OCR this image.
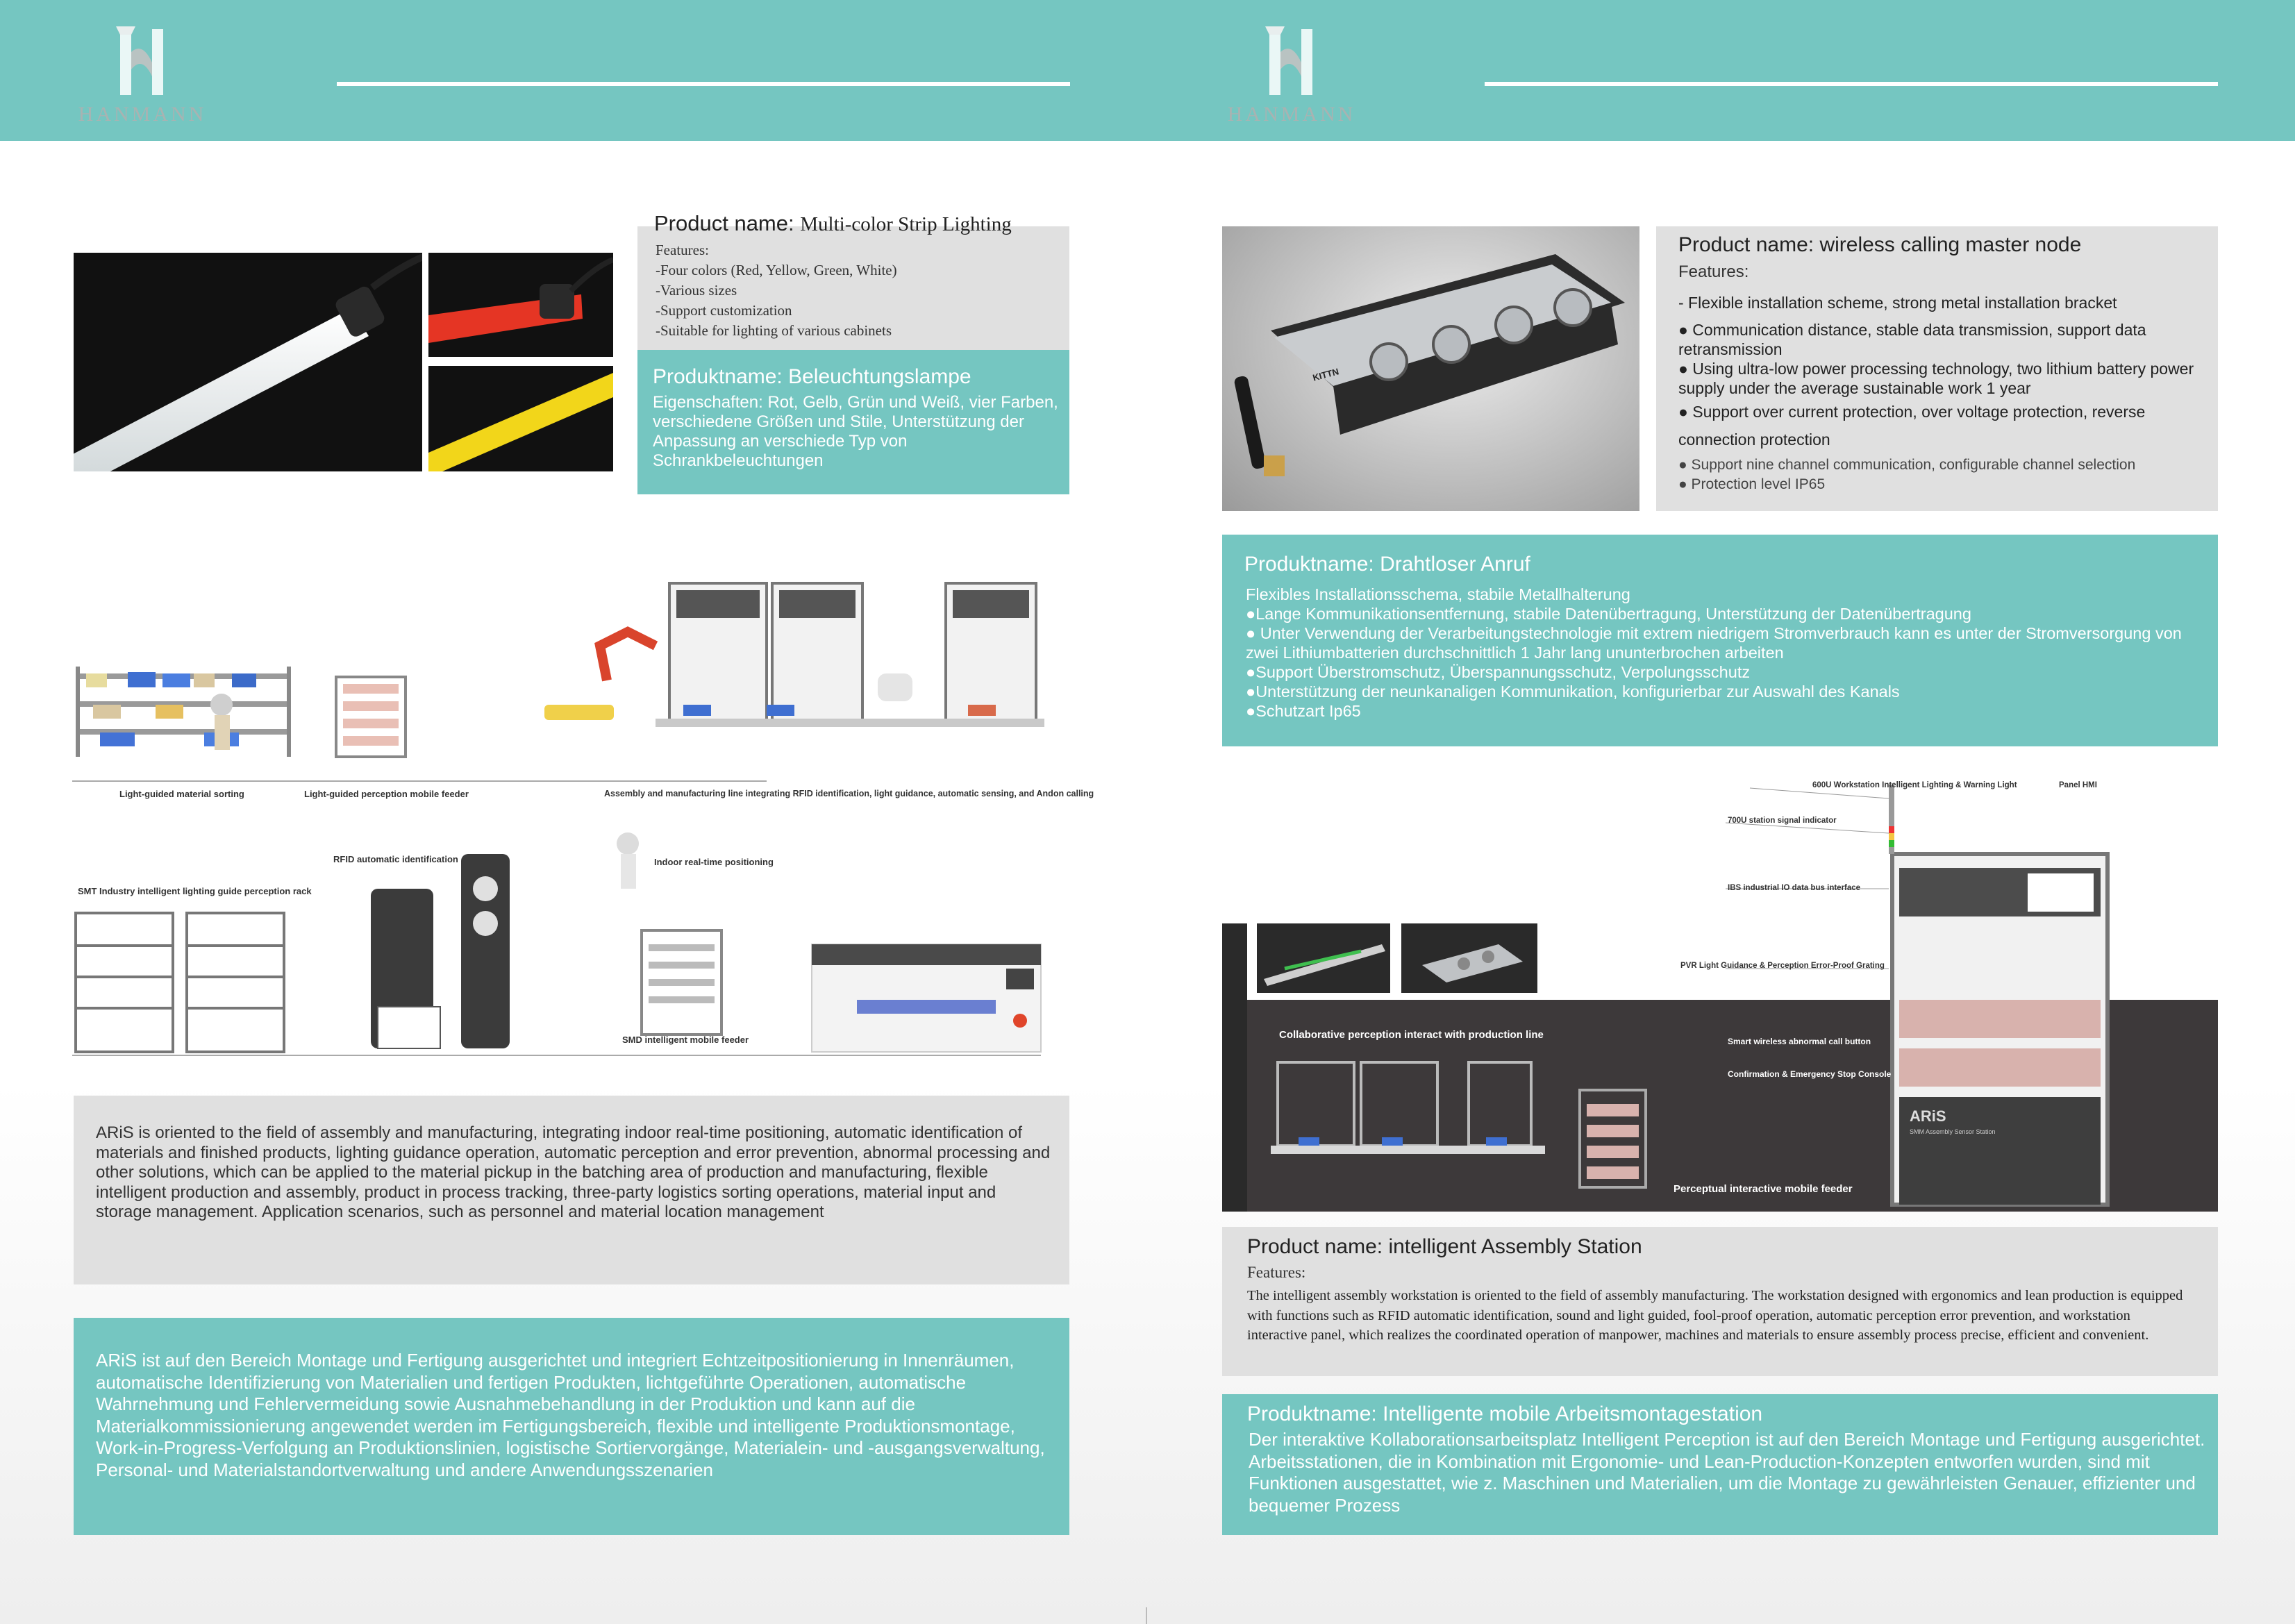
HANMANN	HANMANN
Product name: Multi-color Strip Lighting
Features:
-Four colors (Red, Yellow, Green, White)
-Various sizes
-Support customization
-Suitable for lighting of various cabinets
Produktname: Beleuchtungslampe
Eigenschaften: Rot, Gelb, Grün und Weiß, vier Farben, verschiedene Größen und Stile, Unterstützung der Anpassung an verschiede Typ von Schrankbeleuchtungen
Light-guided material sorting	Light-guided perception mobile feeder	Assembly and manufacturing line integrating RFID identification, light guidance, automatic sensing, and Andon calling
RFID automatic identification	Indoor real-time positioning
SMT Industry intelligent lighting guide perception rack
SMD intelligent mobile feeder
ARiS is oriented to the field of assembly and manufacturing, integrating indoor real-time positioning, automatic identification of materials and finished products, lighting guidance operation, automatic perception and error prevention, abnormal processing and other solutions, which can be applied to the material pickup in the batching area of production and manufacturing, flexible intelligent production and assembly, product in process tracking, three-party logistics sorting operations, material input and storage management. Application scenarios, such as personnel and material location management
ARiS ist auf den Bereich Montage und Fertigung ausgerichtet und integriert Echtzeitpositionierung in Innenräumen, automatische Identifizierung von Materialien und fertigen Produkten, lichtgeführte Operationen, automatische Wahrnehmung und Fehlervermeidung sowie Ausnahmebehandlung in der Produktion und kann auf die Materialkommissionierung angewendet werden im Fertigungsbereich, flexible und intelligente Produktionsmontage, Work-in-Progress-Verfolgung an Produktionslinien, logistische Sortiervorgänge, Materialein- und -ausgangsverwaltung, Personal- und Materialstandortverwaltung und andere Anwendungsszenarien
KITTN
Product name: wireless calling master node
Features:
- Flexible installation scheme, strong metal installation bracket
● Communication distance, stable data transmission, support data retransmission
● Using ultra-low power processing technology, two lithium battery power supply under the average sustainable work 1 year
● Support over current protection, over voltage protection, reverse connection protection
● Support nine channel communication, configurable channel selection
● Protection level IP65
Produktname: Drahtloser Anruf
Flexibles Installationsschema, stabile Metallhalterung
●Lange Kommunikationsentfernung, stabile Datenübertragung, Unterstützung der Datenübertragung
● Unter Verwendung der Verarbeitungstechnologie mit extrem niedrigem Stromverbrauch kann es unter der Stromversorgung von zwei Lithiumbatterien durchschnittlich 1 Jahr lang ununterbrochen arbeiten
●Support Überstromschutz, Überspannungsschutz, Verpolungsschutz
●Unterstützung der neunkanaligen Kommunikation, konfigurierbar zur Auswahl des Kanals
●Schutzart Ip65
600U Workstation Intelligent Lighting & Warning Light	Panel HMI
700U station signal indicator
IBS industrial IO data bus interface
PVR Light Guidance & Perception Error-Proof Grating
Collaborative perception interact with production line
Smart wireless abnormal call button
Confirmation & Emergency Stop Console
Perceptual interactive mobile feeder
ARiS
SMM Assembly Sensor Station
Product name: intelligent Assembly Station
Features:
The intelligent assembly workstation is oriented to the field of assembly manufacturing. The workstation designed with ergonomics and lean production is equipped with functions such as RFID automatic identification, sound and light guided, fool-proof operation, automatic perception error prevention, and workstation interactive panel, which realizes the coordinated operation of manpower, machines and materials to ensure assembly process precise, efficient and convenient.
Produktname: Intelligente mobile Arbeitsmontagestation
Der interaktive Kollaborationsarbeitsplatz Intelligent Perception ist auf den Bereich Montage und Fertigung ausgerichtet. Arbeitsstationen, die in Kombination mit Ergonomie- und Lean-Production-Konzepten entworfen wurden, sind mit Funktionen ausgestattet, wie z. Maschinen und Materialien, um die Montage zu gewährleisten Genauer, effizienter und bequemer Prozess
